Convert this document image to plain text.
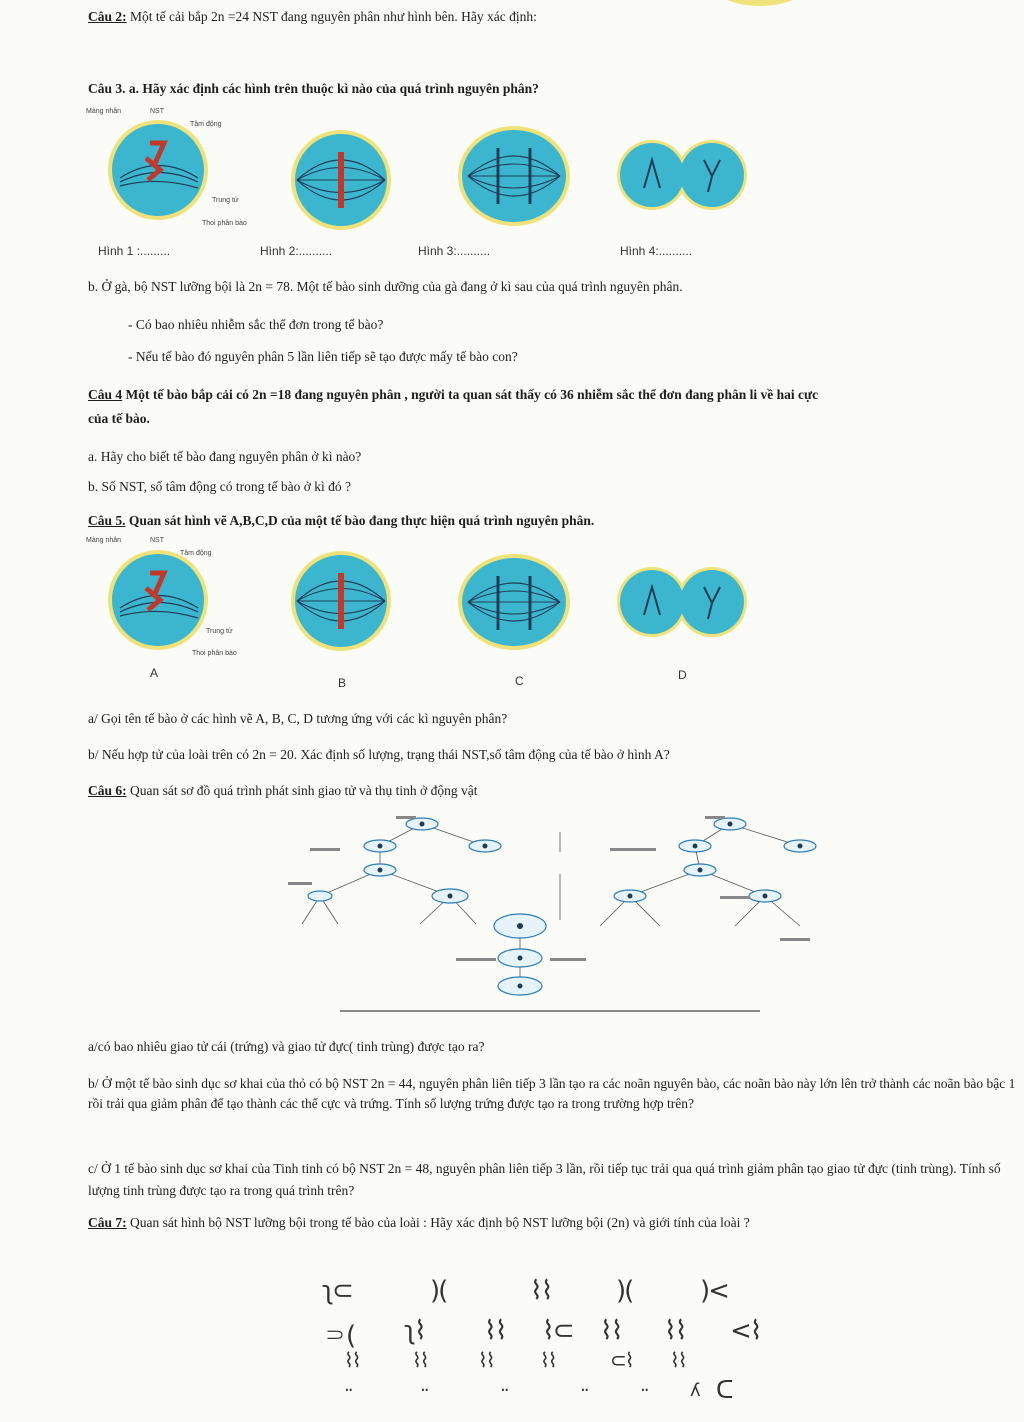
Câu 2: Một tế cải bắp 2n =24 NST đang nguyên phân như hình bên. Hãy xác định:
Câu 3. a. Hãy xác định các hình trên thuộc kì nào của quá trình nguyên phân?
Màng nhân	NST
Tâm động
Trung tử
Thoi phân bào
Hình 1 :.........	Hình 2:..........	Hình 3:..........	Hình 4:..........
b. Ở gà, bộ NST lưỡng bội là 2n = 78. Một tế bào sinh dưỡng của gà đang ở kì sau của quá trình nguyên phân.
- Có bao nhiêu nhiễm sắc thể đơn trong tế bào?
- Nếu tế bào đó nguyên phân 5 lần liên tiếp sẽ tạo được mấy tế bào con?
Câu 4 Một tế bào bắp cải có 2n =18 đang nguyên phân , người ta quan sát thấy có 36 nhiễm sắc thể đơn đang phân li về hai cực
của tế bào.
a. Hãy cho biết tế bào đang nguyên phân ở kì nào?
b. Số NST, số tâm động có trong tế bào ở kì đó ?
Câu 5. Quan sát hình vẽ A,B,C,D của một tế bào đang thực hiện quá trình nguyên phân.
Màng nhân	NST
Tâm động
Trung tử
Thoi phân bào
A
B	C	D
a/ Gọi tên tế bào ở các hình vẽ A, B, C, D tương ứng với các kì nguyên phân?
b/ Nếu hợp tử của loài trên có 2n = 20. Xác định số lượng, trạng thái NST,số tâm động của tế bào ở hình A?
Câu 6: Quan sát sơ đồ quá trình phát sinh giao tử và thụ tinh ở động vật
a/có bao nhiêu giao tử cái (trứng) và giao tử đực( tinh trùng) được tạo ra?
b/ Ở một tế bào sinh dục sơ khai của thỏ có bộ NST 2n = 44, nguyên phân liên tiếp 3 lần tạo ra các noãn nguyên bào, các noãn bào này lớn lên trở thành các noãn bào bậc 1 rồi trải qua giảm phân để tạo thành các thể cực và trứng. Tính số lượng trứng được tạo ra trong trường hợp trên?
c/ Ở 1 tế bào sinh dục sơ khai của Tinh tinh có bộ NST 2n = 48, nguyên phân liên tiếp 3 lần, rồi tiếp tục trải qua quá trình giảm phân tạo giao tử đực (tinh trùng). Tính số lượng tinh trùng được tạo ra trong quá trình trên?
Câu 7: Quan sát hình bộ NST lưỡng bội trong tế bào của loài : Hãy xác định bộ NST lưỡng bội (2n) và giới tính của loài ?
ʅ⊂	)(	⌇⌇ )(	)<
⸧( ʅ⌇ ⌇⌇ ⌇⊂ ⌇⌇ ⌇⌇ <⌇
⌇⌇	⌇⌇	⌇⌇ ⌇⌇	⊂⌇ ⌇⌇
⋅⋅	⋅⋅	⋅⋅	⋅⋅	⋅⋅ ʎ ᑕ
